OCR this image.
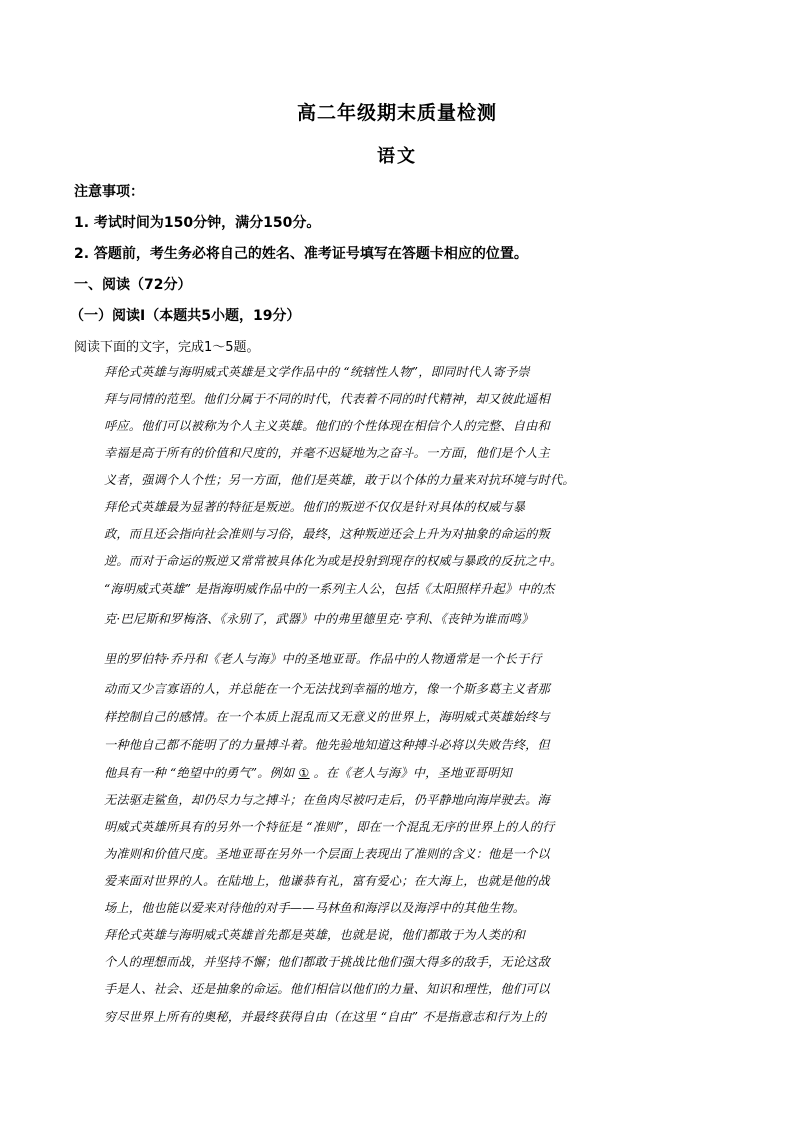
高二年级期末质量检测
语文
注意事项：
1. 考试时间为150分钟，满分150分。
2. 答题前，考生务必将自己的姓名、准考证号填写在答题卡相应的位置。
一、阅读（72分）
（一）阅读Ⅰ（本题共5小题，19分）
阅读下面的文字，完成1～5题。
拜伦式英雄与海明威式英雄是文学作品中的 “统辖性人物”，即同时代人寄予崇
拜与同情的范型。他们分属于不同的时代，代表着不同的时代精神，却又彼此遥相
呼应。他们可以被称为个人主义英雄。他们的个性体现在相信个人的完整、自由和
幸福是高于所有的价值和尺度的，并毫不迟疑地为之奋斗。一方面，他们是个人主
义者，强调个人个性；另一方面，他们是英雄，敢于以个体的力量来对抗环境与时代。
拜伦式英雄最为显著的特征是叛逆。他们的叛逆不仅仅是针对具体的权威与暴
政，而且还会指向社会准则与习俗，最终，这种叛逆还会上升为对抽象的命运的叛
逆。而对于命运的叛逆又常常被具体化为或是投射到现存的权威与暴政的反抗之中。
“海明威式英雄” 是指海明威作品中的一系列主人公，包括《太阳照样升起》中的杰
克·巴尼斯和罗梅洛、《永别了，武器》中的弗里德里克·亨利、《丧钟为谁而鸣》
里的罗伯特·乔丹和《老人与海》中的圣地亚哥。作品中的人物通常是一个长于行
动而又少言寡语的人，并总能在一个无法找到幸福的地方，像一个斯多葛主义者那
样控制自己的感情。在一个本质上混乱而又无意义的世界上，海明威式英雄始终与
一种他自己都不能明了的力量搏斗着。他先验地知道这种搏斗必将以失败告终，但
他具有一种 “绝望中的勇气”。例如 ① 。在《老人与海》中，圣地亚哥明知
无法驱走鲨鱼，却仍尽力与之搏斗；在鱼肉尽被叼走后，仍平静地向海岸驶去。海
明威式英雄所具有的另外一个特征是 “准则”，即在一个混乱无序的世界上的人的行
为准则和价值尺度。圣地亚哥在另外一个层面上表现出了准则的含义：他是一个以
爱来面对世界的人。在陆地上，他谦恭有礼，富有爱心；在大海上，也就是他的战
场上，他也能以爱来对待他的对手——马林鱼和海浮以及海浮中的其他生物。
拜伦式英雄与海明威式英雄首先都是英雄，也就是说，他们都敢于为人类的和
个人的理想而战，并坚持不懈；他们都敢于挑战比他们强大得多的敌手，无论这敌
手是人、社会、还是抽象的命运。他们相信以他们的力量、知识和理性，他们可以
穷尽世界上所有的奥秘，并最终获得自由（在这里 “自由” 不是指意志和行为上的
